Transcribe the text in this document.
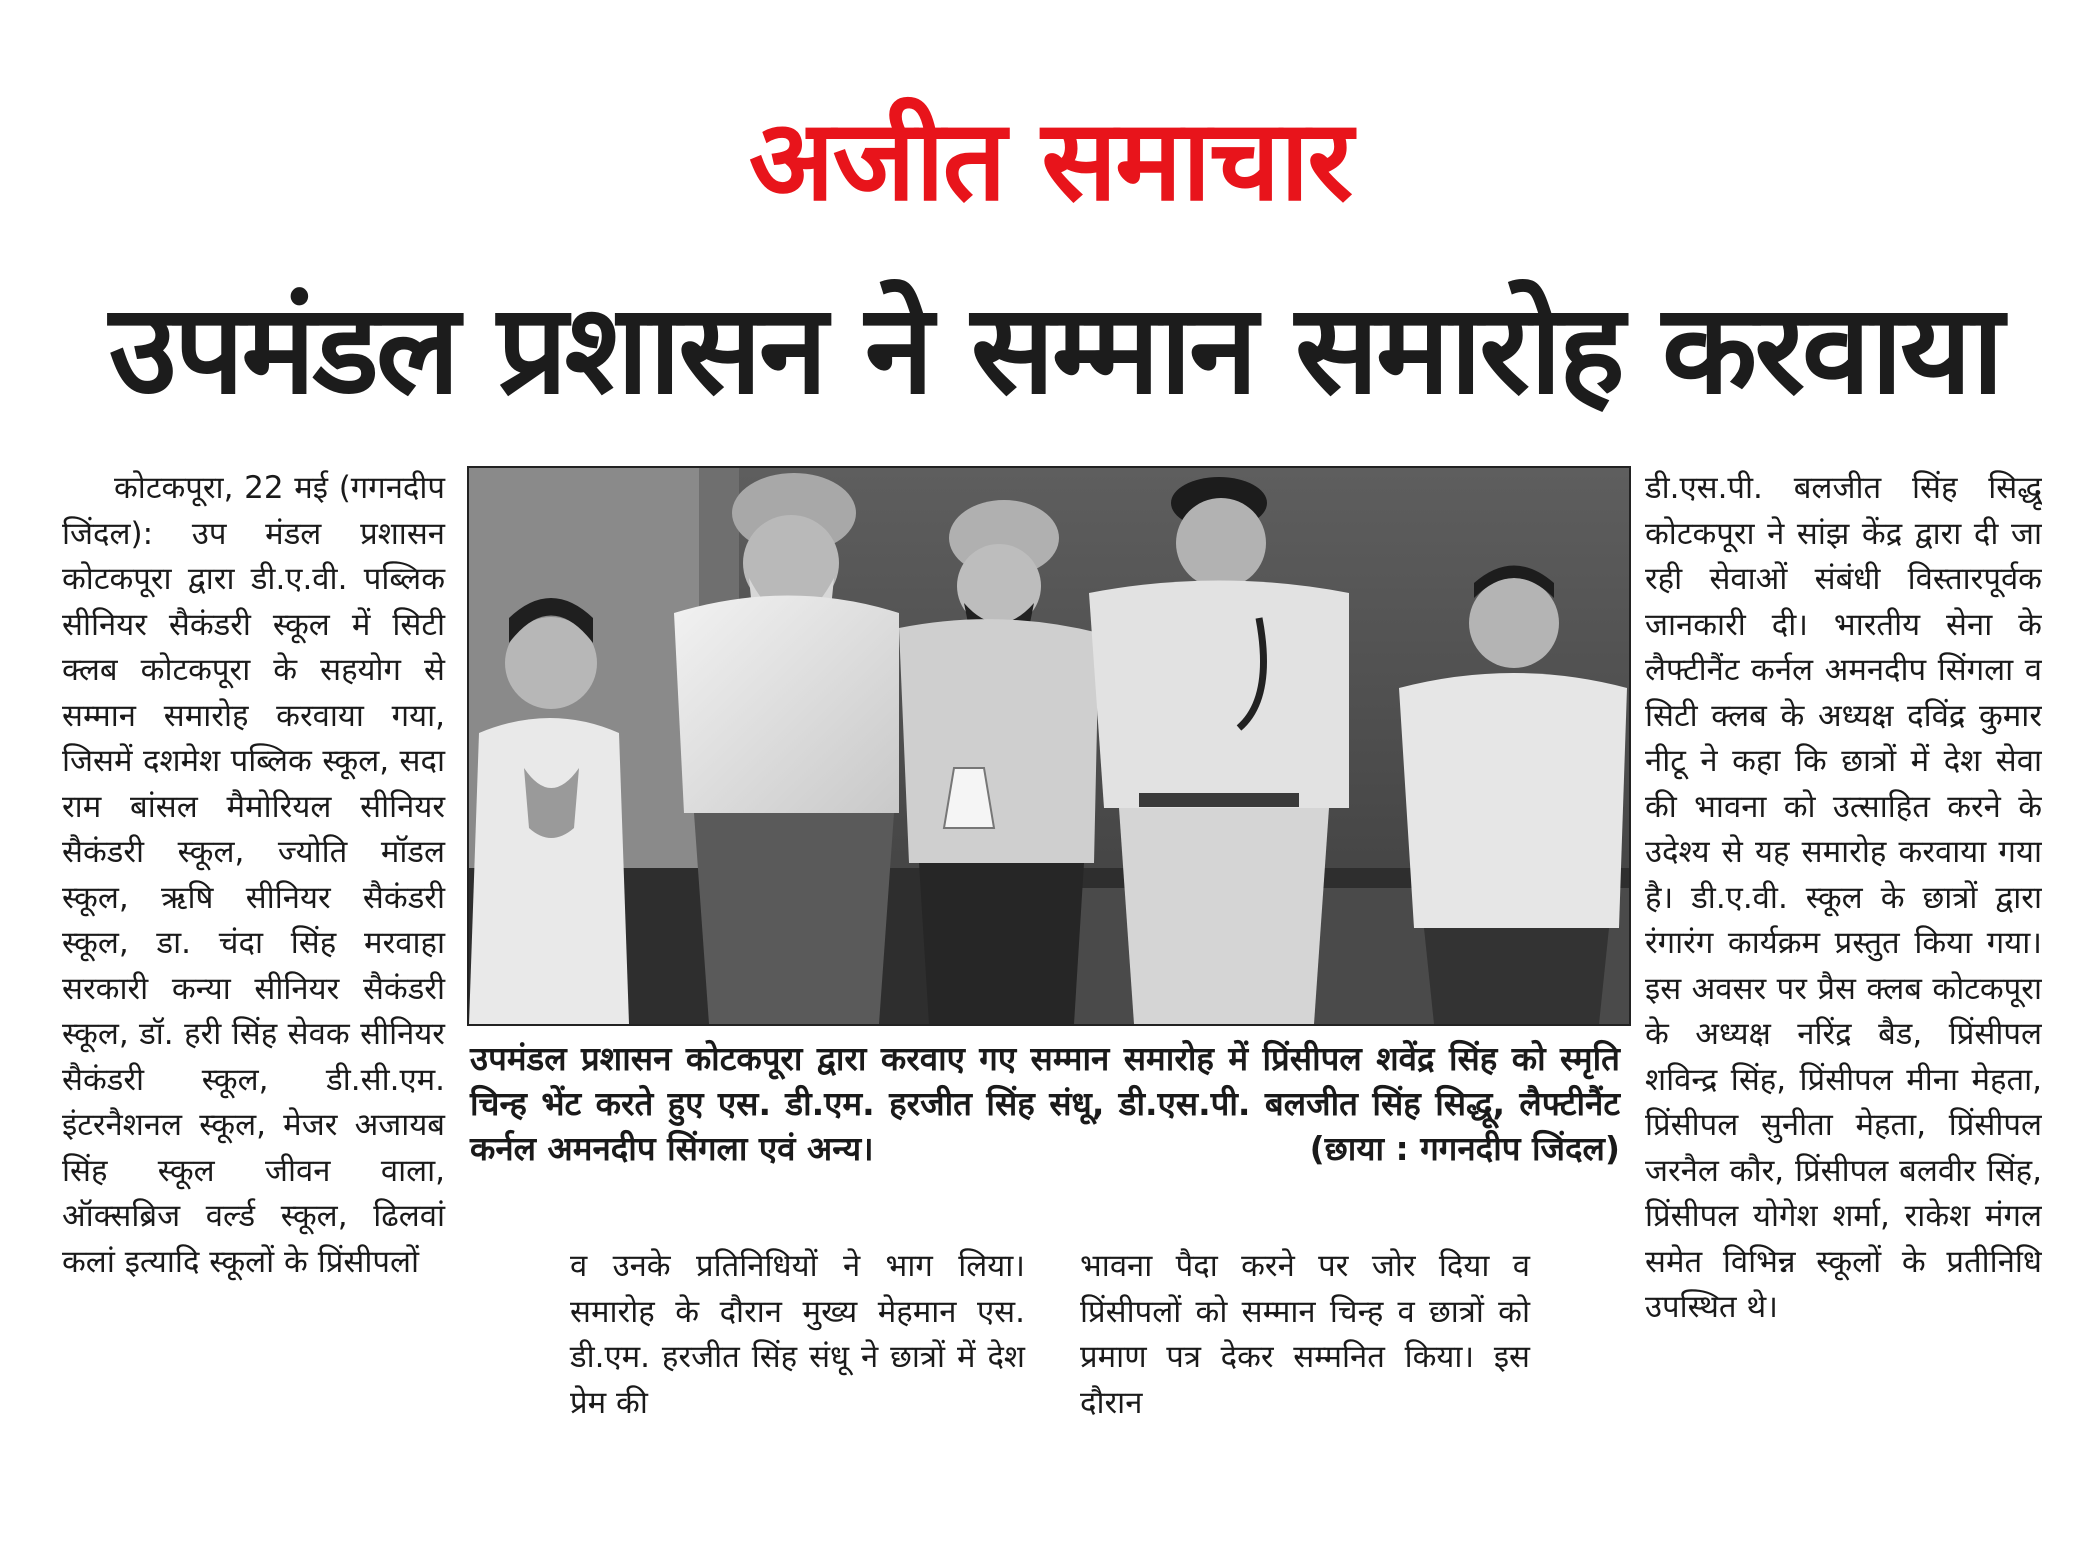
अजीत समाचार
उपमंडल प्रशासन ने सम्मान समारोह करवाया

कोटकपूरा, 22 मई (गगनदीप जिंदल): उप मंडल प्रशासन कोटकपूरा द्वारा डी.ए.वी. पब्लिक सीनियर सैकंडरी स्कूल में सिटी क्लब कोटकपूरा के सहयोग से सम्मान समारोह करवाया गया, जिसमें दशमेश पब्लिक स्कूल, सदा राम बांसल मैमोरियल सीनियर सैकंडरी स्कूल, ज्योति मॉडल स्कूल, ऋषि सीनियर सैकंडरी स्कूल, डा. चंदा सिंह मरवाहा सरकारी कन्या सीनियर सैकंडरी स्कूल, डॉ. हरी सिंह सेवक सीनियर सैकंडरी स्कूल, डी.सी.एम. इंटरनैशनल स्कूल, मेजर अजायब सिंह स्कूल जीवन वाला, ऑक्सब्रिज वर्ल्ड स्कूल, ढिलवां कलां इत्यादि स्कूलों के प्रिंसीपलों

उपमंडल प्रशासन कोटकपूरा द्वारा करवाए गए सम्मान समारोह में प्रिंसीपल शवेंद्र सिंह को स्मृति चिन्ह भेंट करते हुए एस. डी.एम. हरजीत सिंह संधू, डी.एस.पी. बलजीत सिंह सिद्धू, लैफ्टीनैंट कर्नल अमनदीप सिंगला एवं अन्य।	(छाया : गगनदीप जिंदल)

व उनके प्रतिनिधियों ने भाग लिया। समारोह के दौरान मुख्य मेहमान एस. डी.एम. हरजीत सिंह संधू ने छात्रों में देश प्रेम की

भावना पैदा करने पर जोर दिया व प्रिंसीपलों को सम्मान चिन्ह व छात्रों को प्रमाण पत्र देकर सम्मनित किया। इस दौरान

डी.एस.पी. बलजीत सिंह सिद्धू कोटकपूरा ने सांझ केंद्र द्वारा दी जा रही सेवाओं संबंधी विस्तारपूर्वक जानकारी दी। भारतीय सेना के लैफ्टीनैंट कर्नल अमनदीप सिंगला व सिटी क्लब के अध्यक्ष दविंद्र कुमार नीटू ने कहा कि छात्रों में देश सेवा की भावना को उत्साहित करने के उदेश्य से यह समारोह करवाया गया है। डी.ए.वी. स्कूल के छात्रों द्वारा रंगारंग कार्यक्रम प्रस्तुत किया गया। इस अवसर पर प्रैस क्लब कोटकपूरा के अध्यक्ष नरिंद्र बैड, प्रिंसीपल शविन्द्र सिंह, प्रिंसीपल मीना मेहता, प्रिंसीपल सुनीता मेहता, प्रिंसीपल जरनैल कौर, प्रिंसीपल बलवीर सिंह, प्रिंसीपल योगेश शर्मा, राकेश मंगल समेत विभिन्न स्कूलों के प्रतीनिधि उपस्थित थे।
